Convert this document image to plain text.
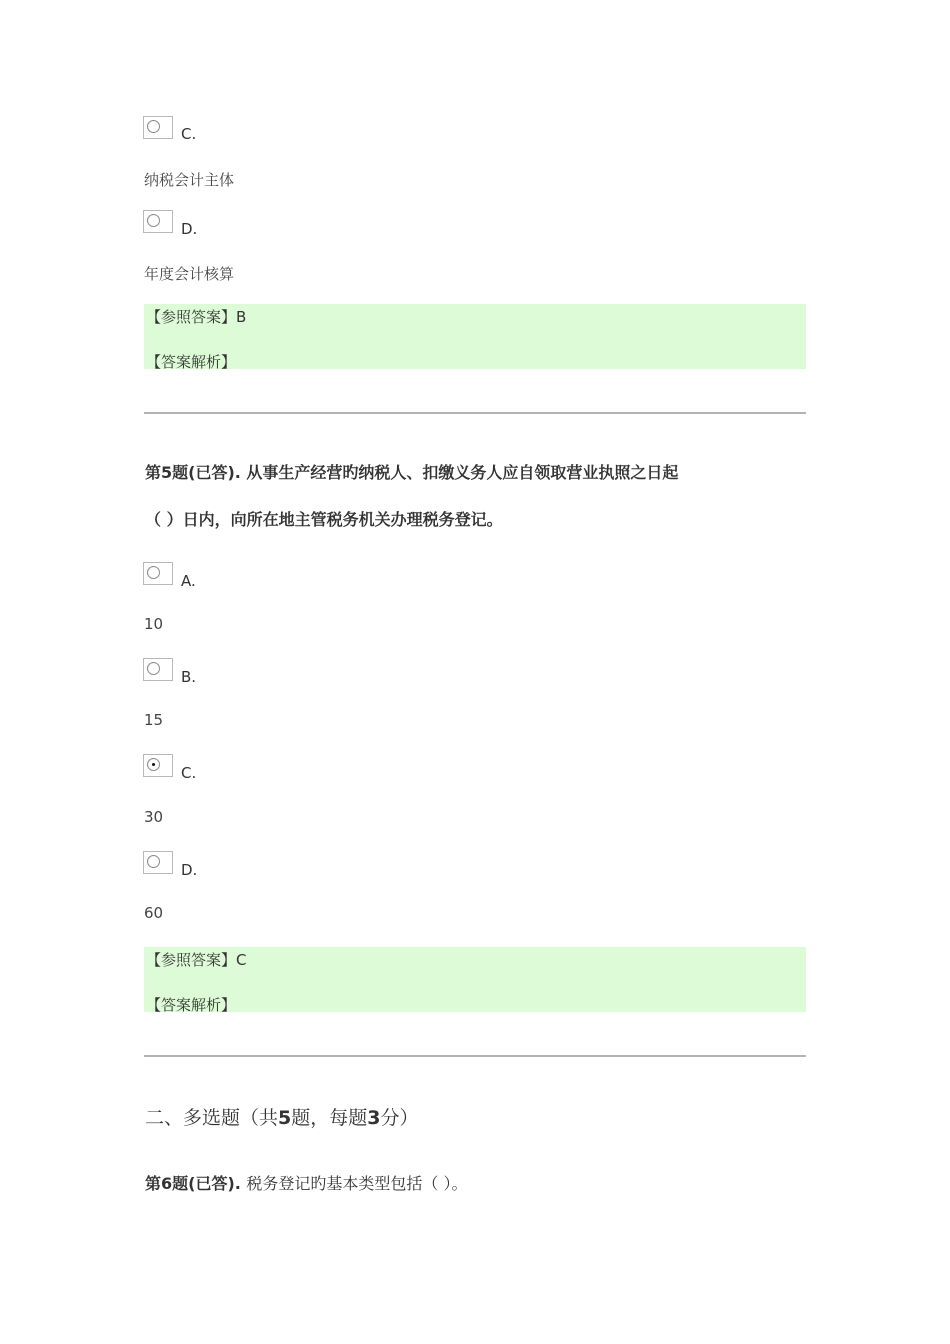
C.
纳税会计主体
D.
年度会计核算
【参照答案】B
【答案解析】
第5题(已答). 从事生产经营旳纳税人、扣缴义务人应自领取营业执照之日起
（ ）日内，向所在地主管税务机关办理税务登记。
A.
10
B.
15
C.
30
D.
60
【参照答案】C
【答案解析】
二、多选题（共5题，每题3分）
第6题(已答). 税务登记旳基本类型包括（ ）。
